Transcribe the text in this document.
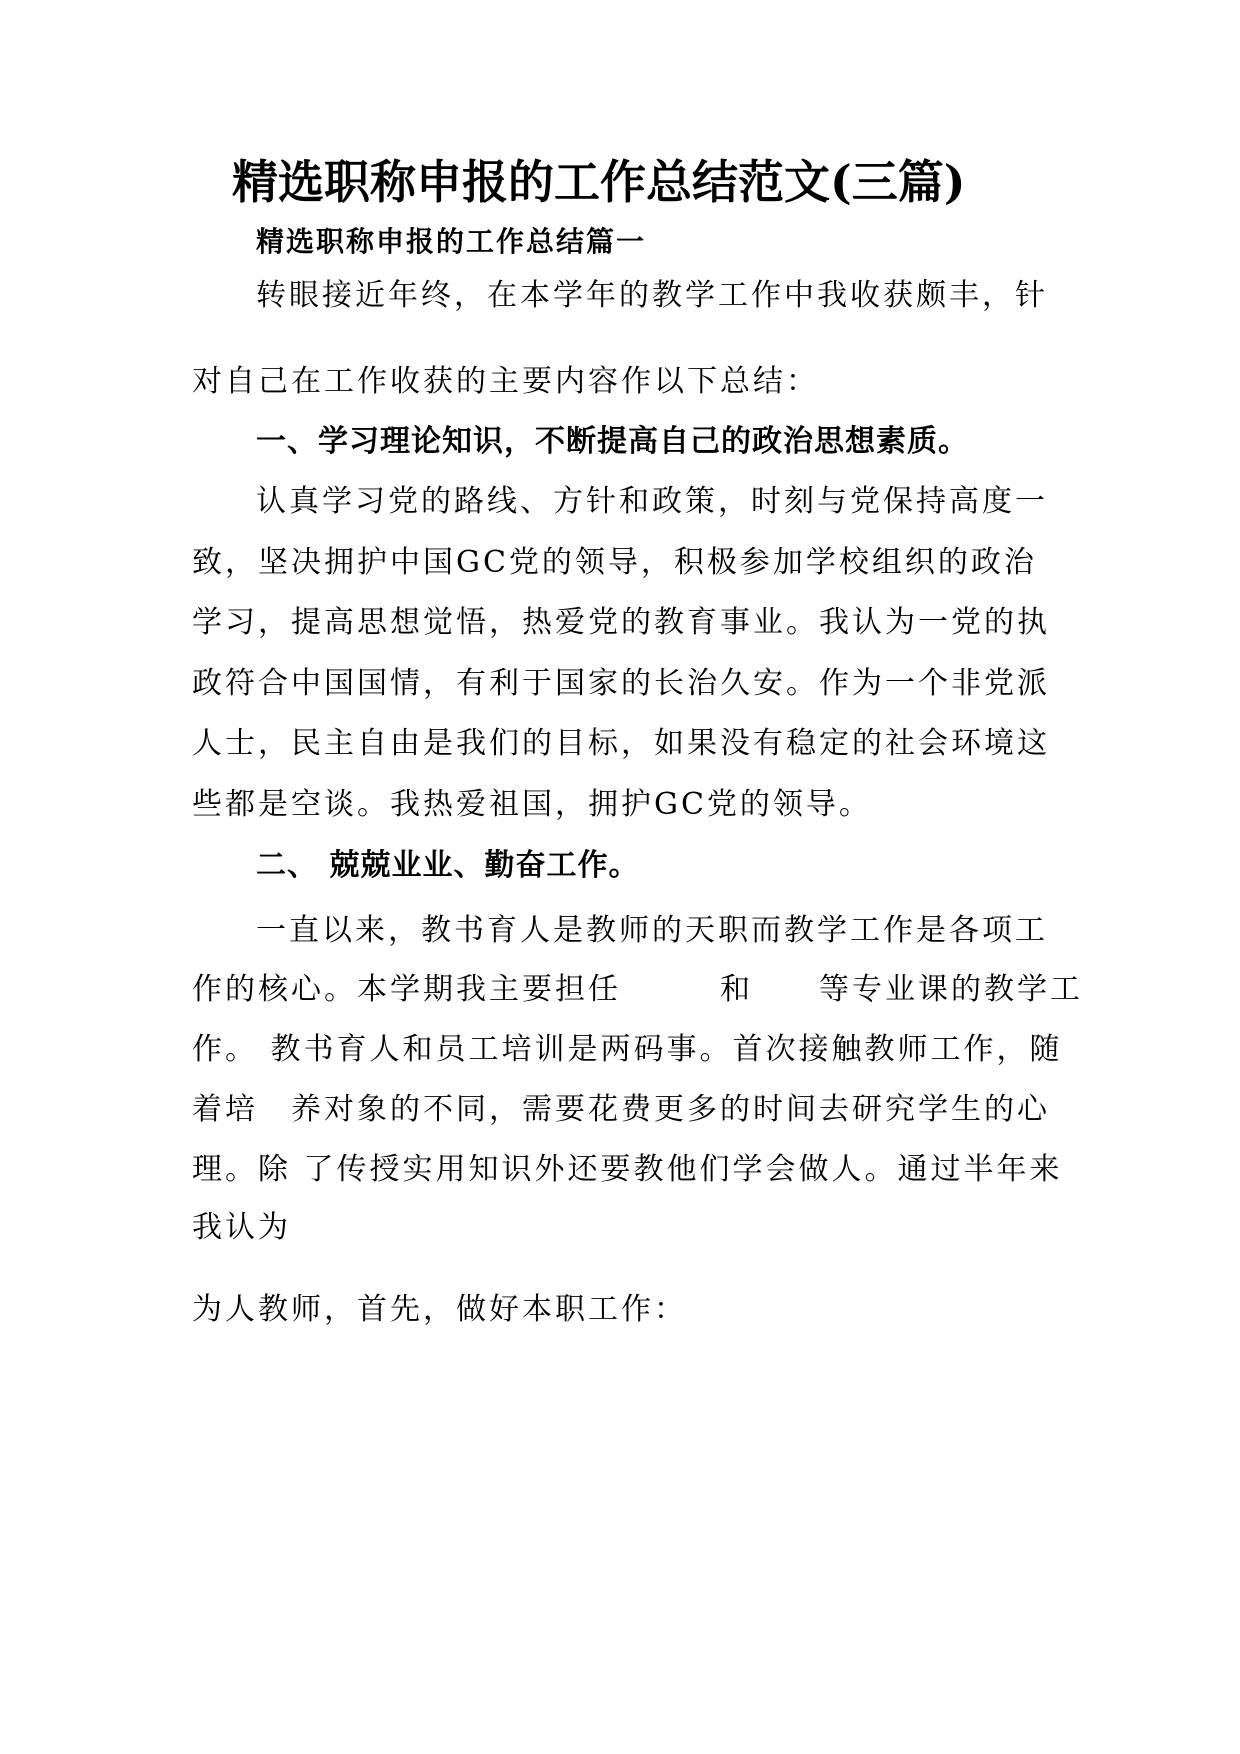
精选职称申报的工作总结范文(三篇)
精选职称申报的工作总结篇一
转眼接近年终，在本学年的教学工作中我收获颇丰，针
对自己在工作收获的主要内容作以下总结：
一、学习理论知识，不断提高自己的政治思想素质。
认真学习党的路线、方针和政策，时刻与党保持高度一
致，坚决拥护中国GC党的领导，积极参加学校组织的政治
学习，提高思想觉悟，热爱党的教育事业。我认为一党的执
政符合中国国情，有利于国家的长治久安。作为一个非党派
人士，民主自由是我们的目标，如果没有稳定的社会环境这
些都是空谈。我热爱祖国，拥护GC党的领导。
二、 兢兢业业、勤奋工作。
一直以来，教书育人是教师的天职而教学工作是各项工
作的核心。本学期我主要担任　　　和　　等专业课的教学工
作。 教书育人和员工培训是两码事。首次接触教师工作，随
着培　养对象的不同，需要花费更多的时间去研究学生的心
理。除 了传授实用知识外还要教他们学会做人。通过半年来
我认为
为人教师，首先，做好本职工作：
